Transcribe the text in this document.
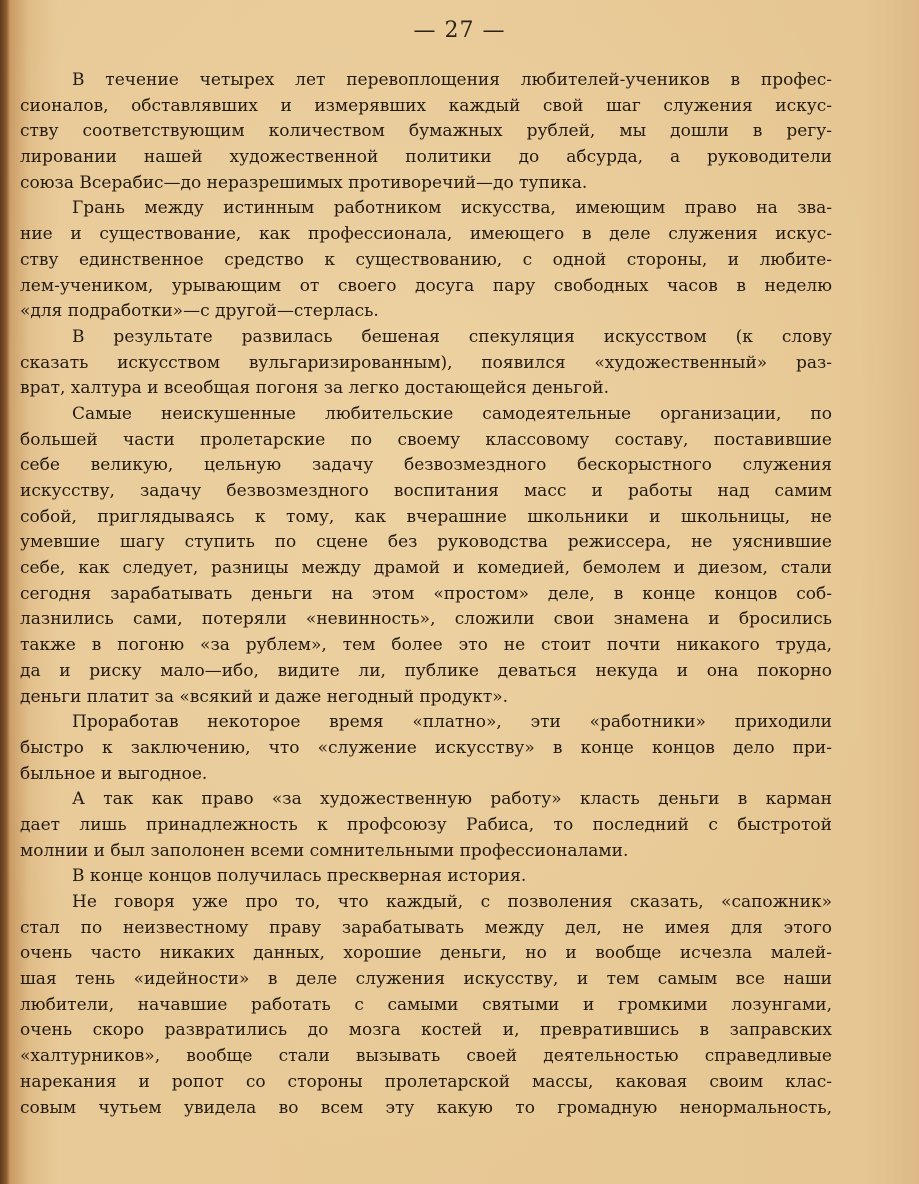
— 27 —
В течение четырех лет перевоплощения любителей-учеников в профес-
сионалов, обставлявших и измерявших каждый свой шаг служения искус-
ству соответствующим количеством бумажных рублей, мы дошли в регу-
лировании нашей художественной политики до абсурда, а руководители
союза Всерабис—до неразрешимых противоречий—до тупика.
Грань между истинным работником искусства, имеющим право на зва-
ние и существование, как профессионала, имеющего в деле служения искус-
ству единственное средство к существованию, с одной стороны, и любите-
лем-учеником, урывающим от своего досуга пару свободных часов в неделю
«для подработки»—с другой—стерлась.
В результате развилась бешеная спекуляция искусством (к слову
сказать искусством вульгаризированным), появился «художественный» раз-
врат, халтура и всеобщая погоня за легко достающейся деньгой.
Самые неискушенные любительские самодеятельные организации, по
большей части пролетарские по своему классовому составу, поставившие
себе великую, цельную задачу безвозмездного бескорыстного служения
искусству, задачу безвозмездного воспитания масс и работы над самим
собой, приглядываясь к тому, как вчерашние школьники и школьницы, не
умевшие шагу ступить по сцене без руководства режиссера, не уяснившие
себе, как следует, разницы между драмой и комедией, бемолем и диезом, стали
сегодня зарабатывать деньги на этом «простом» деле, в конце концов соб-
лазнились сами, потеряли «невинность», сложили свои знамена и бросились
также в погоню «за рублем», тем более это не стоит почти никакого труда,
да и риску мало—ибо, видите ли, публике деваться некуда и она покорно
деньги платит за «всякий и даже негодный продукт».
Проработав некоторое время «платно», эти «работники» приходили
быстро к заключению, что «служение искусству» в конце концов дело при-
быльное и выгодное.
А так как право «за художественную работу» класть деньги в карман
дает лишь принадлежность к профсоюзу Рабиса, то последний с быстротой
молнии и был заполонен всеми сомнительными профессионалами.
В конце концов получилась прескверная история.
Не говоря уже про то, что каждый, с позволения сказать, «сапожник»
стал по неизвестному праву зарабатывать между дел, не имея для этого
очень часто никаких данных, хорошие деньги, но и вообще исчезла малей-
шая тень «идейности» в деле служения искусству, и тем самым все наши
любители, начавшие работать с самыми святыми и громкими лозунгами,
очень скоро развратились до мозга костей и, превратившись в заправских
«халтурников», вообще стали вызывать своей деятельностью справедливые
нарекания и ропот со стороны пролетарской массы, каковая своим клас-
совым чутьем увидела во всем эту какую то громадную ненормальность,
